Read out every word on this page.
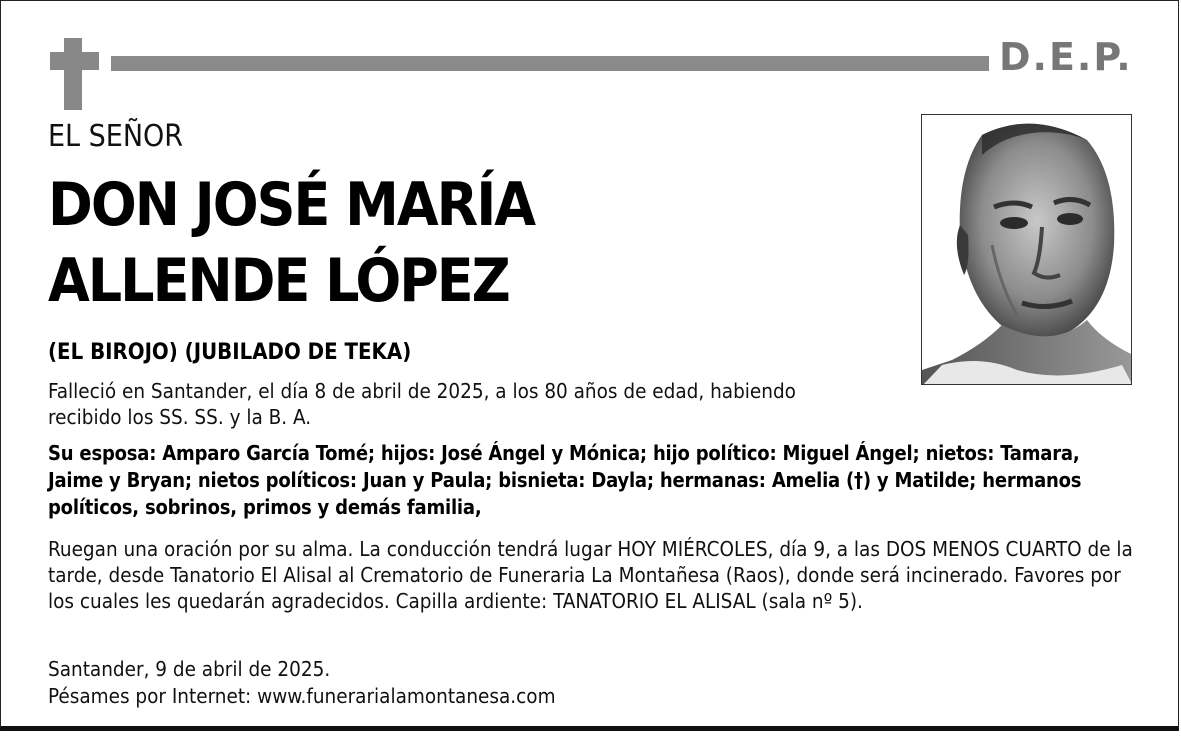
D.E.P.
EL SEÑOR
DON JOSÉ MARÍA
ALLENDE LÓPEZ
(EL BIROJO) (JUBILADO DE TEKA)
Falleció en Santander, el día 8 de abril de 2025, a los 80 años de edad, habiendo recibido los SS. SS. y la B. A.
Su esposa: Amparo García Tomé; hijos: José Ángel y Mónica; hijo político: Miguel Ángel; nietos: Tamara, Jaime y Bryan; nietos políticos: Juan y Paula; bisnieta: Dayla; hermanas: Amelia (†) y Matilde; hermanos políticos, sobrinos, primos y demás familia,
Ruegan una oración por su alma. La conducción tendrá lugar HOY MIÉRCOLES, día 9, a las DOS MENOS CUARTO de la tarde, desde Tanatorio El Alisal al Crematorio de Funeraria La Montañesa (Raos), donde será incinerado. Favores por los cuales les quedarán agradecidos. Capilla ardiente: TANATORIO EL ALISAL (sala nº 5).
Santander, 9 de abril de 2025.
Pésames por Internet: www.funerarialamontanesa.com
